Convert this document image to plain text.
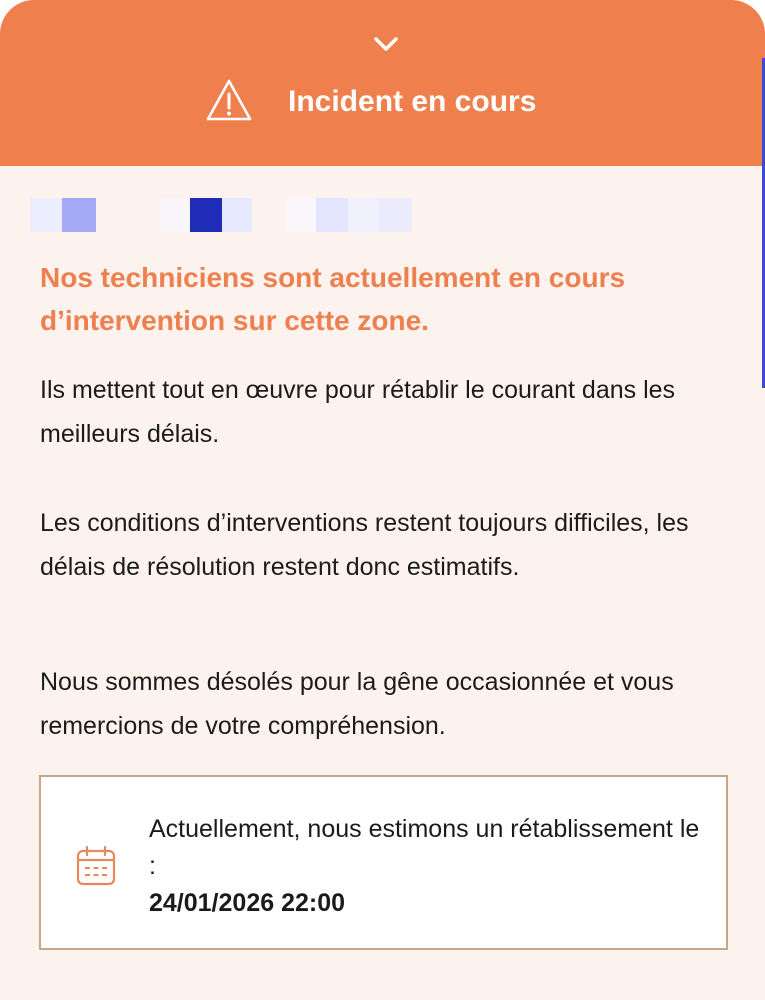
Incident en cours

Nos techniciens sont actuellement en cours d’intervention sur cette zone.

Ils mettent tout en œuvre pour rétablir le courant dans les meilleurs délais.

Les conditions d’interventions restent toujours difficiles, les délais de résolution restent donc estimatifs.

Nous sommes désolés pour la gêne occasionnée et vous remercions de votre compréhension.

Actuellement, nous estimons un rétablissement le :

24/01/2026 22:00
